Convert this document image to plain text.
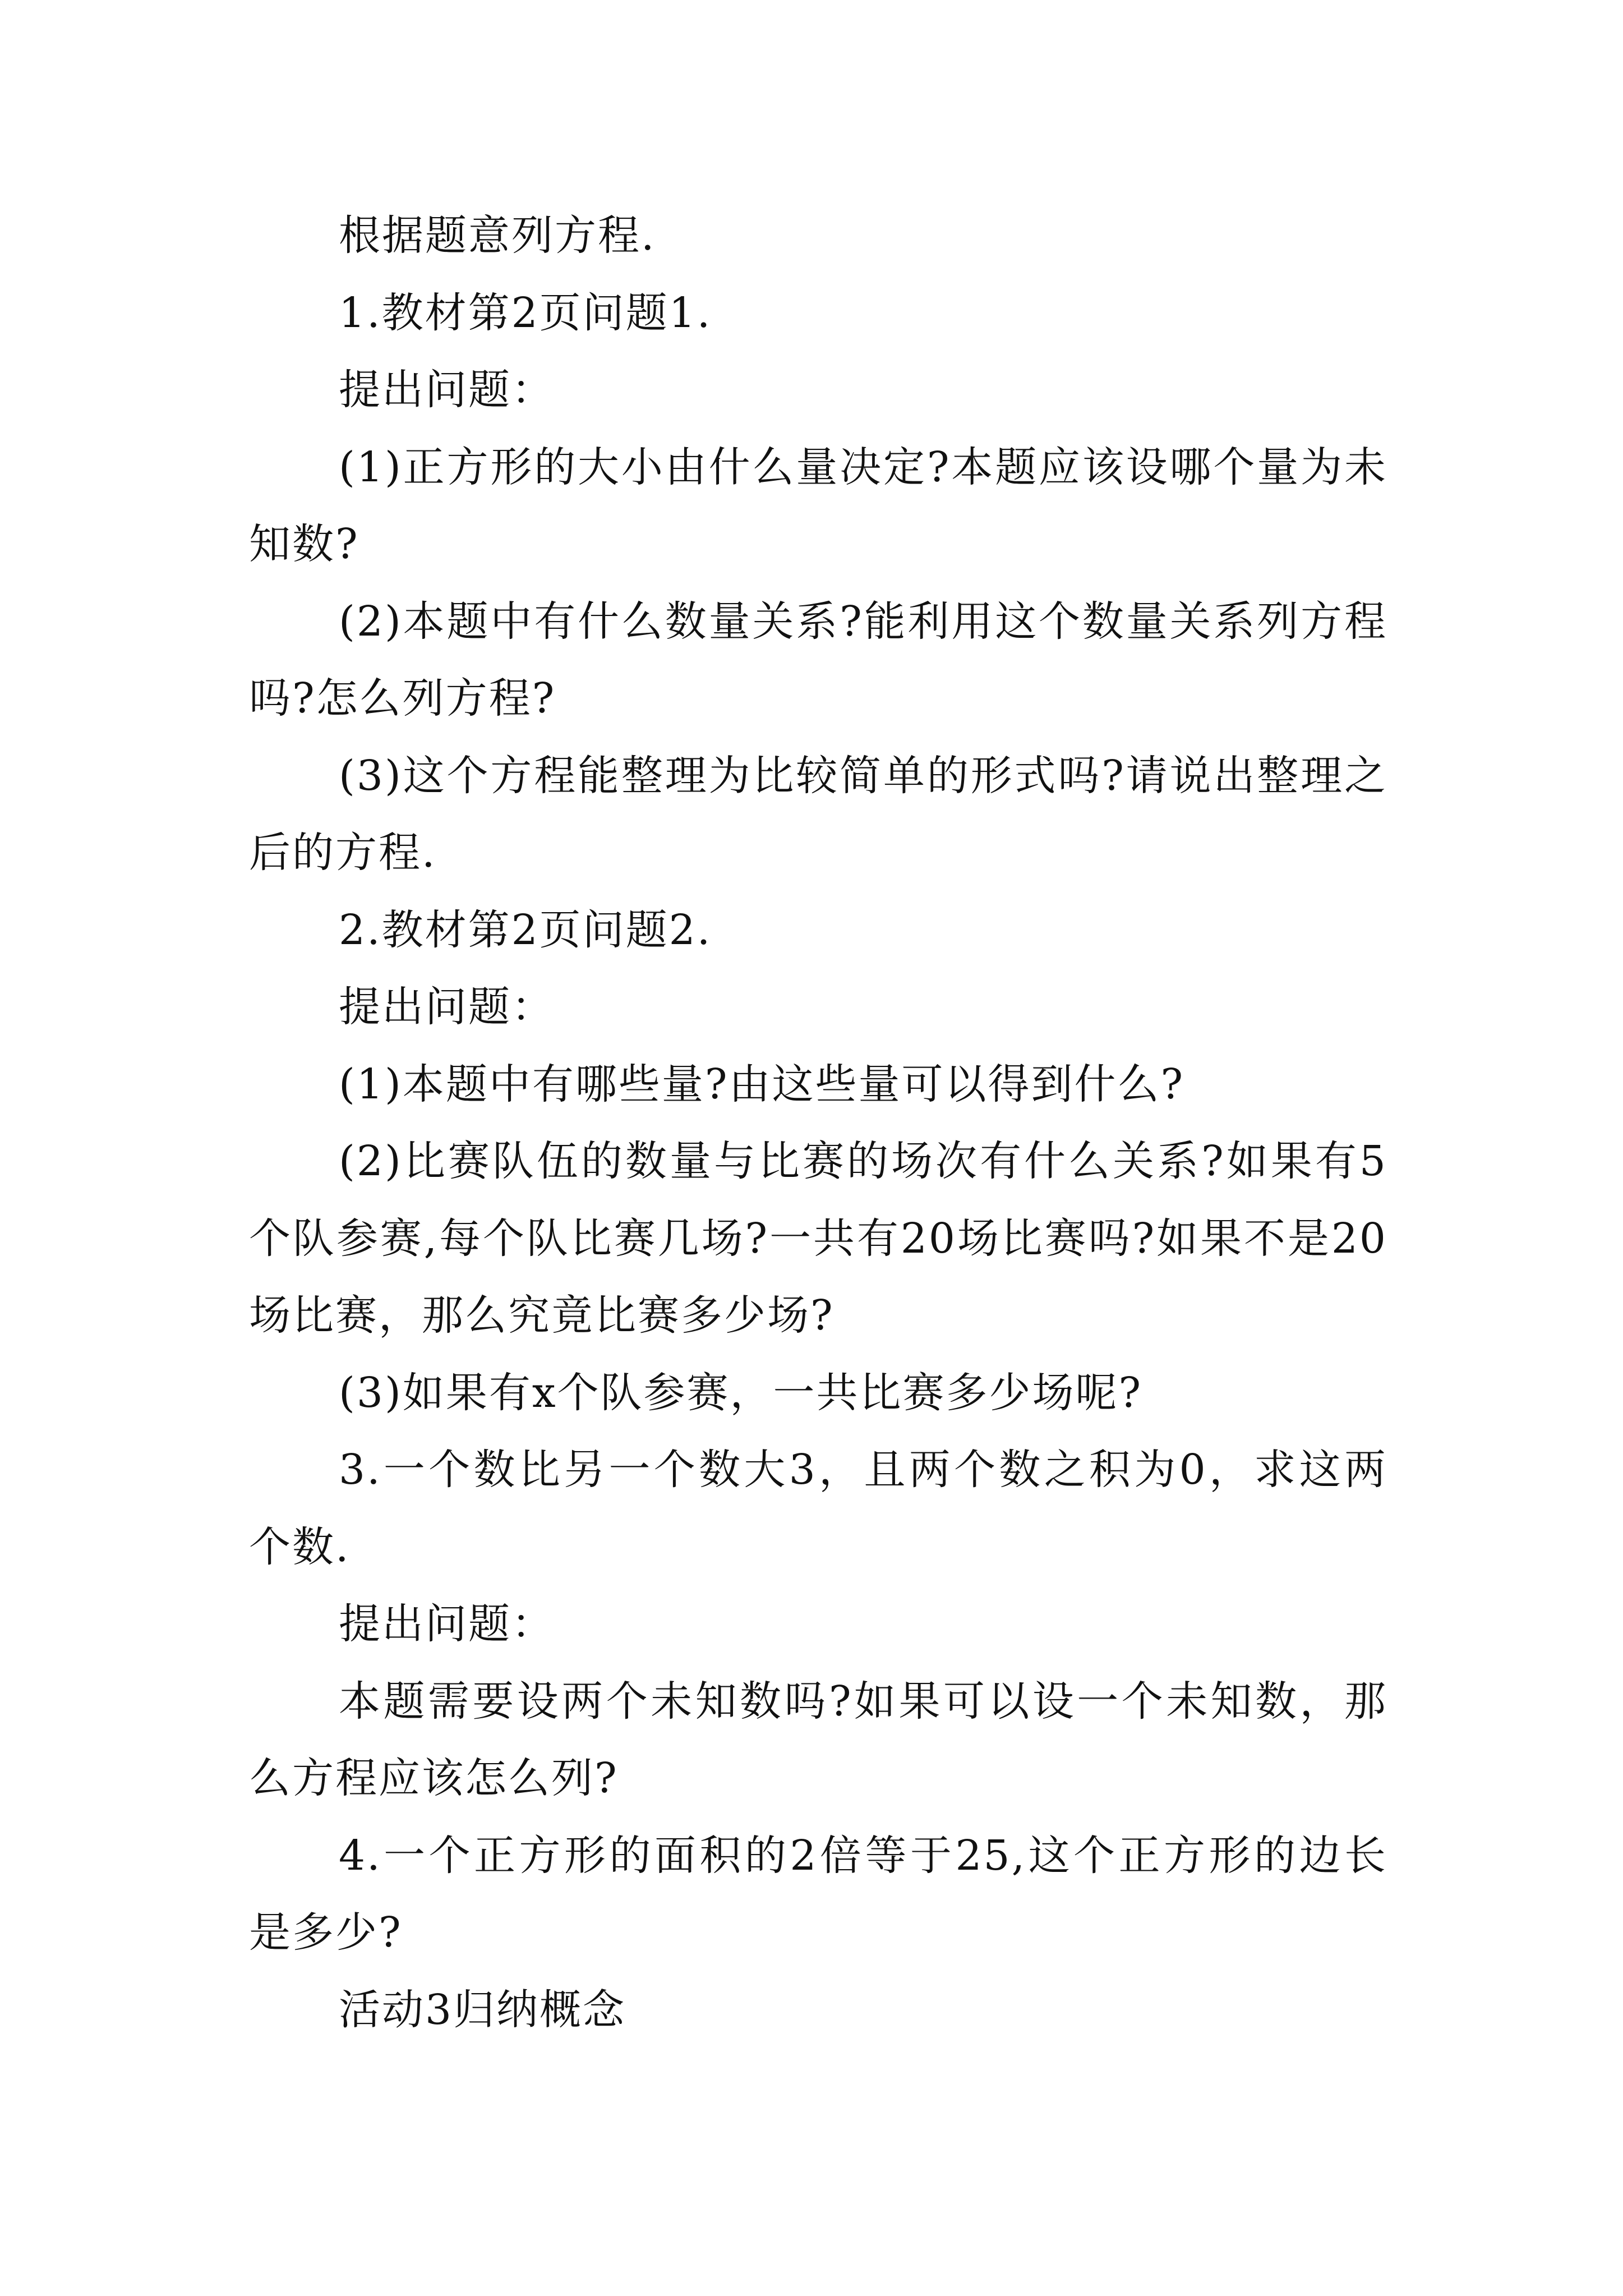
根据题意列方程.

1.教材第2页问题1.

提出问题：

(1)正方形的大小由什么量决定?本题应该设哪个量为未知数?

(2)本题中有什么数量关系?能利用这个数量关系列方程吗?怎么列方程?

(3)这个方程能整理为比较简单的形式吗?请说出整理之后的方程.

2.教材第2页问题2.

提出问题：

(1)本题中有哪些量?由这些量可以得到什么?

(2)比赛队伍的数量与比赛的场次有什么关系?如果有5个队参赛,每个队比赛几场?一共有20场比赛吗?如果不是20场比赛，那么究竟比赛多少场?

(3)如果有x个队参赛，一共比赛多少场呢?

3.一个数比另一个数大3，且两个数之积为0，求这两个数.

提出问题：

本题需要设两个未知数吗?如果可以设一个未知数，那么方程应该怎么列?

4.一个正方形的面积的2倍等于25,这个正方形的边长是多少?

活动3归纳概念
